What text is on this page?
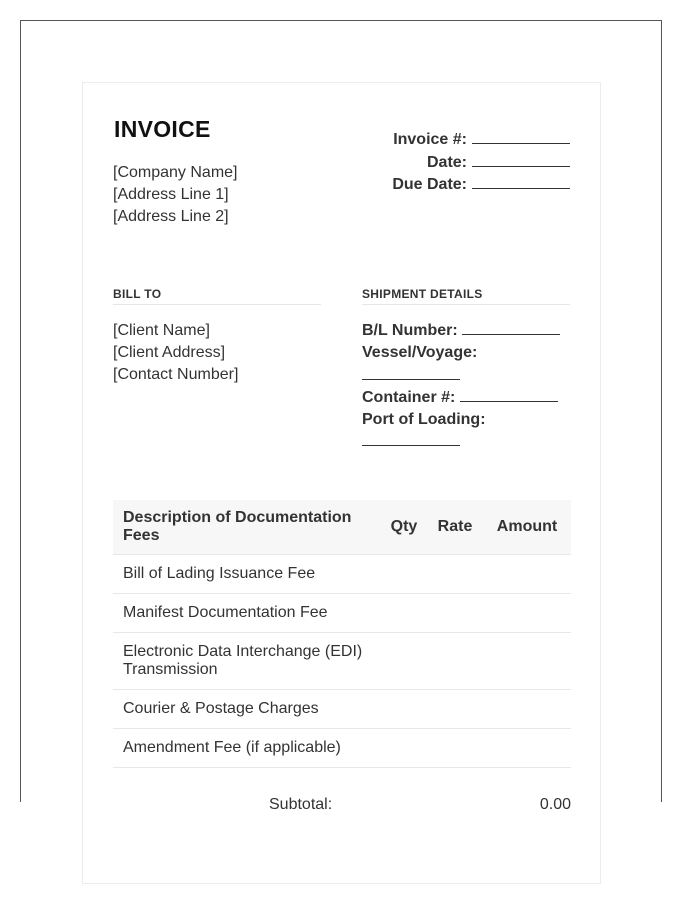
INVOICE
[Company Name]
[Address Line 1]
[Address Line 2]
Invoice #:
Date:
Due Date:
BILL TO	SHIPMENT DETAILS
[Client Name]
[Client Address]
[Contact Number]
B/L Number:
Vessel/Voyage:

Container #:
Port of Loading:

Description of Documentation Fees	Qty	Rate	Amount
Bill of Lading Issuance Fee			
Manifest Documentation Fee			
Electronic Data Interchange (EDI) Transmission			
Courier & Postage Charges			
Amendment Fee (if applicable)			
Subtotal:	0.00
